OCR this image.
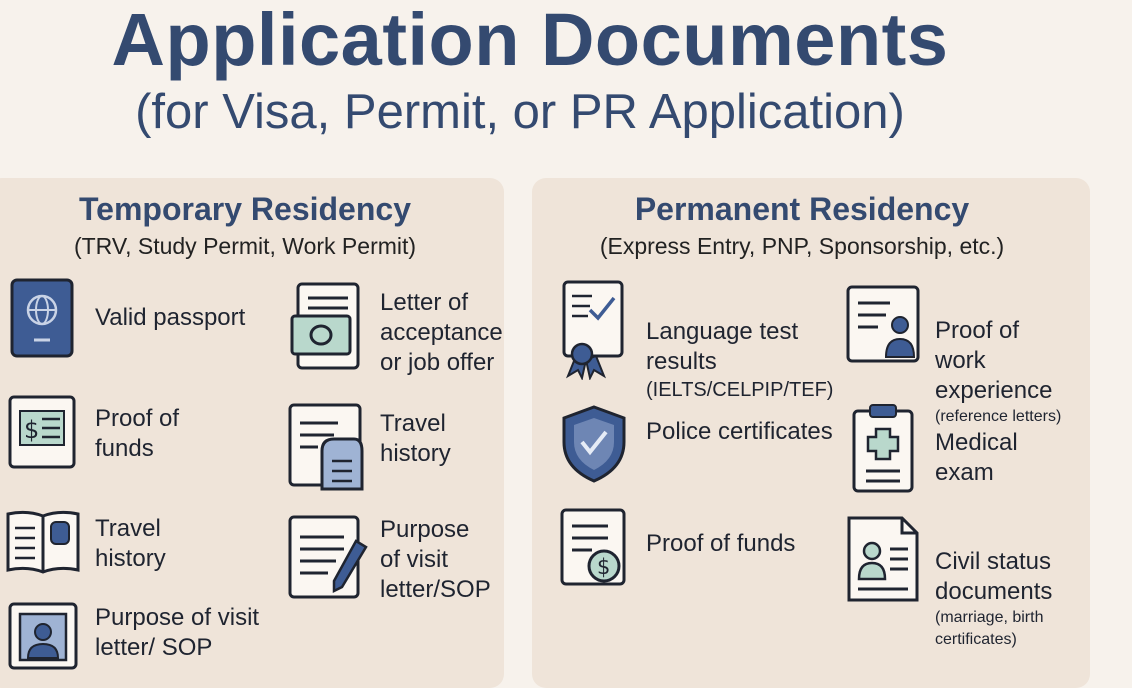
Application Documents
(for Visa, Permit, or PR Application)
Temporary Residency
(TRV, Study Permit, Work Permit)
Valid passport
Letter of
acceptance
or job offer
$ Proof of
funds
Travel
history
Travel
history
Purpose
of visit
letter/SOP
Purpose of visit
letter/ SOP
Permanent Residency
(Express Entry, PNP, Sponsorship, etc.)

Language test
results

(IELTS/CELPIP/TEF)

Proof of
work
experience

(reference letters)

Police certificates	Medical
exam
$
Proof of funds

Civil status
documents

(marriage, birth
certificates)
